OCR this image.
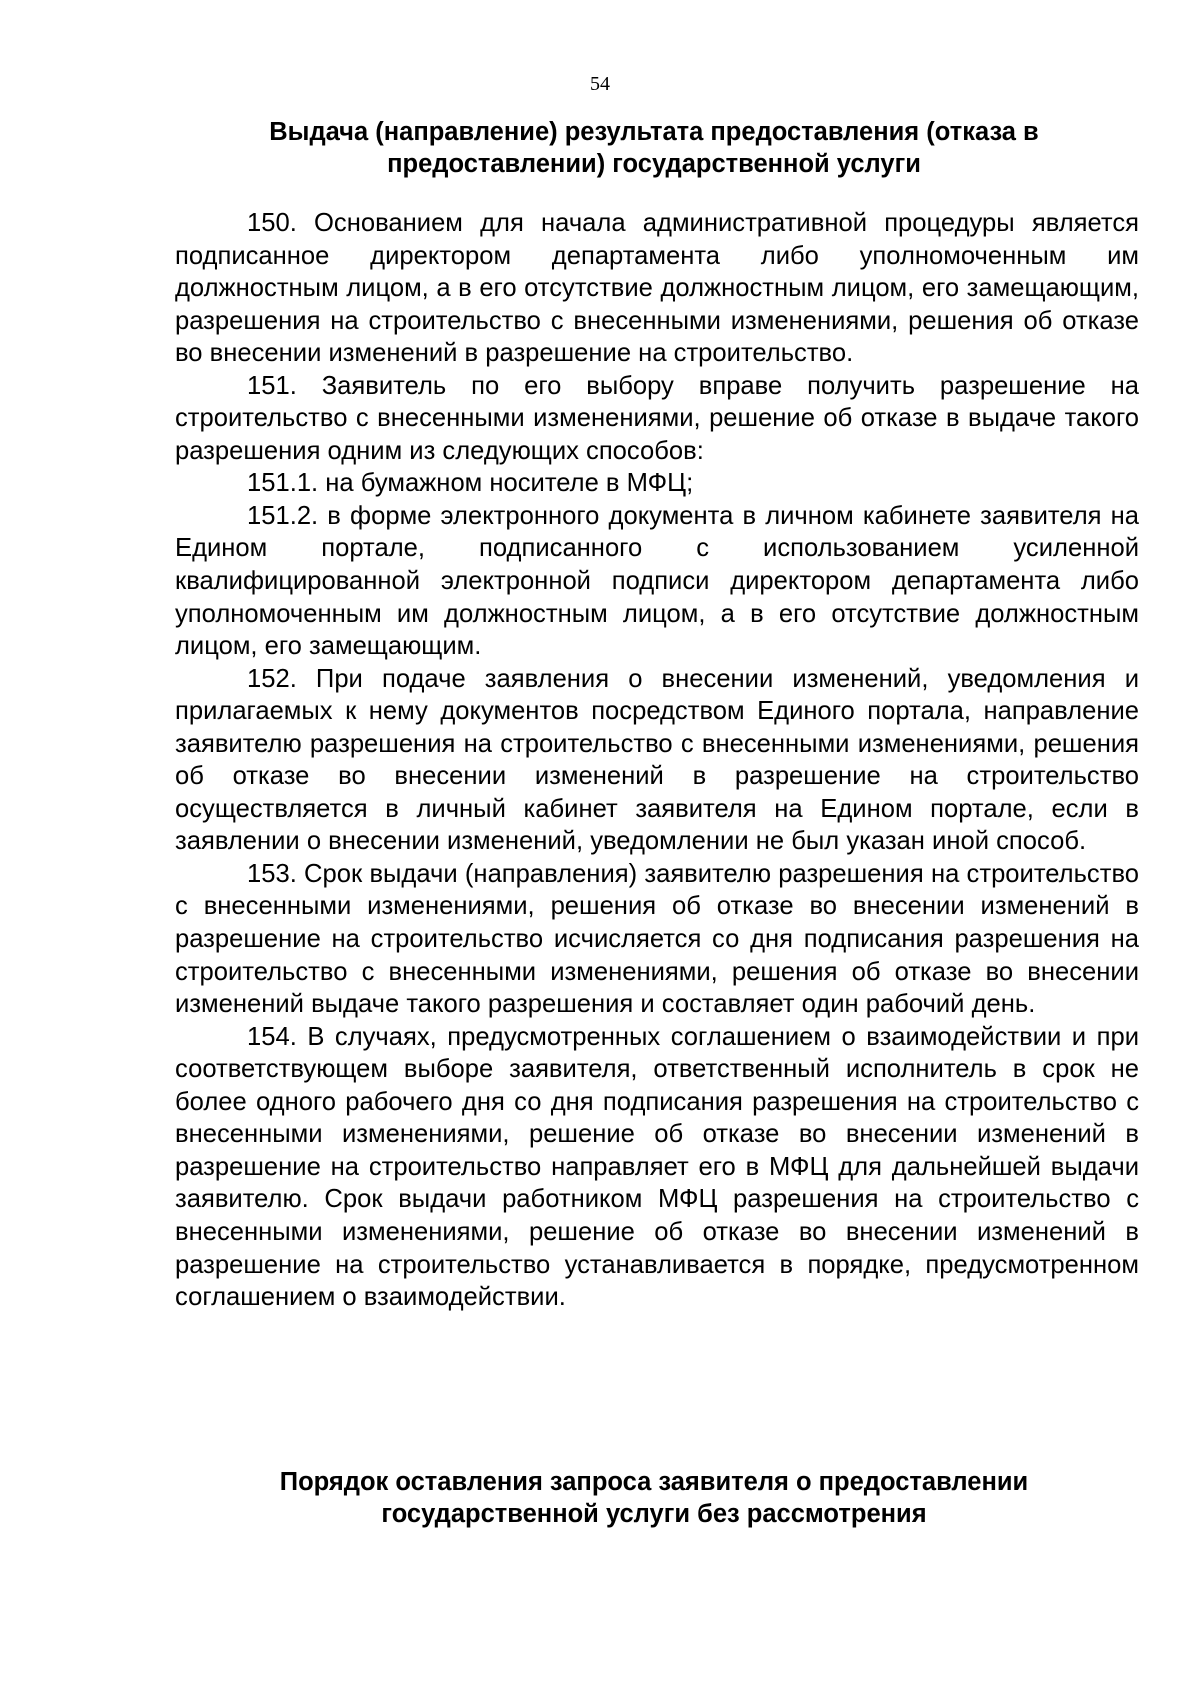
54
Выдача (направление) результата предоставления (отказа в предоставлении) государственной услуги

150. Основанием для начала административной процедуры является подписанное директором департамента либо уполномоченным им должностным лицом, а в его отсутствие должностным лицом, его замещающим, разрешения на строительство с внесенными изменениями, решения об отказе во внесении изменений в разрешение на строительство.

151. Заявитель по его выбору вправе получить разрешение на строительство с внесенными изменениями, решение об отказе в выдаче такого разрешения одним из следующих способов:

151.1. на бумажном носителе в МФЦ;

151.2. в форме электронного документа в личном кабинете заявителя на Едином портале, подписанного с использованием усиленной квалифицированной электронной подписи директором департамента либо уполномоченным им должностным лицом, а в его отсутствие должностным лицом, его замещающим.

152. При подаче заявления о внесении изменений, уведомления и прилагаемых к нему документов посредством Единого портала, направление заявителю разрешения на строительство с внесенными изменениями, решения об отказе во внесении изменений в разрешение на строительство осуществляется в личный кабинет заявителя на Едином портале, если в заявлении о внесении изменений, уведомлении не был указан иной способ.

153. Срок выдачи (направления) заявителю разрешения на строительство с внесенными изменениями, решения об отказе во внесении изменений в разрешение на строительство исчисляется со дня подписания разрешения на строительство с внесенными изменениями, решения об отказе во внесении изменений выдаче такого разрешения и составляет один рабочий день.

154. В случаях, предусмотренных соглашением о взаимодействии и при соответствующем выборе заявителя, ответственный исполнитель в срок не более одного рабочего дня со дня подписания разрешения на строительство с внесенными изменениями, решение об отказе во внесении изменений в разрешение на строительство направляет его в МФЦ для дальнейшей выдачи заявителю. Срок выдачи работником МФЦ разрешения на строительство с внесенными изменениями, решение об отказе во внесении изменений в разрешение на строительство устанавливается в порядке, предусмотренном соглашением о взаимодействии.

Порядок оставления запроса заявителя о предоставлении государственной услуги без рассмотрения
